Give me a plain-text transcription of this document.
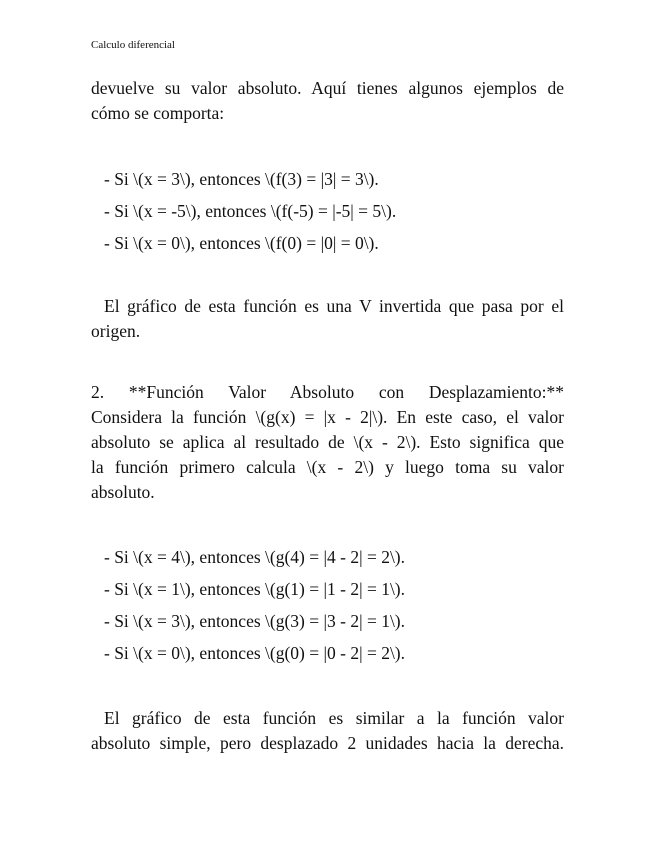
Calculo diferencial
devuelve su valor absoluto. Aquí tienes algunos ejemplos de
cómo se comporta:
- Si \(x = 3\), entonces \(f(3) = |3| = 3\).
- Si \(x = -5\), entonces \(f(-5) = |-5| = 5\).
- Si \(x = 0\), entonces \(f(0) = |0| = 0\).
El gráfico de esta función es una V invertida que pasa por el
origen.
2. **Función Valor Absoluto con Desplazamiento:**
Considera la función \(g(x) = |x - 2|\). En este caso, el valor
absoluto se aplica al resultado de \(x - 2\). Esto significa que
la función primero calcula \(x - 2\) y luego toma su valor
absoluto.
- Si \(x = 4\), entonces \(g(4) = |4 - 2| = 2\).
- Si \(x = 1\), entonces \(g(1) = |1 - 2| = 1\).
- Si \(x = 3\), entonces \(g(3) = |3 - 2| = 1\).
- Si \(x = 0\), entonces \(g(0) = |0 - 2| = 2\).
El gráfico de esta función es similar a la función valor
absoluto simple, pero desplazado 2 unidades hacia la derecha.
